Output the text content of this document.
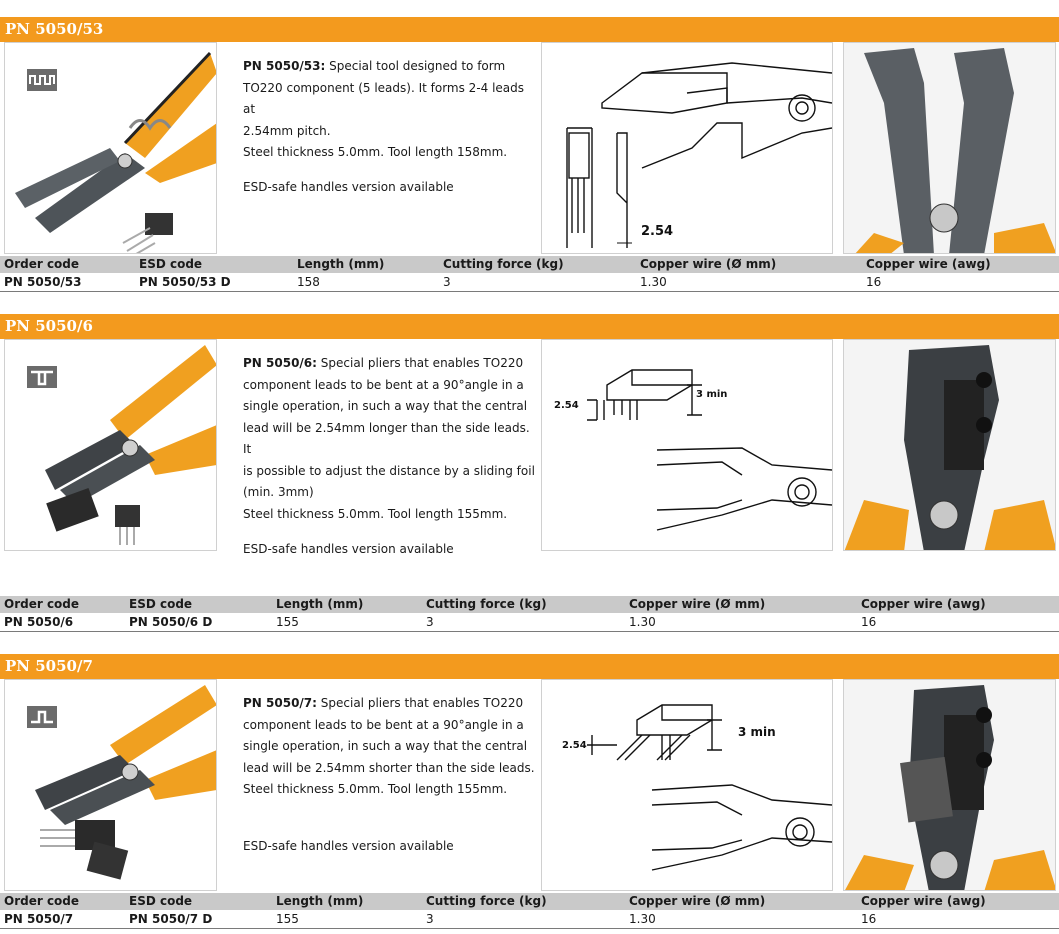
PN 5050/53
PN 5050/53: Special tool designed to form
TO220 component (5 leads). It forms 2-4 leads at
2.54mm pitch.
Steel thickness 5.0mm. Tool length 158mm.
ESD-safe handles version available
2.54
Order code	ESD code	Length (mm)	Cutting force (kg)	Copper wire (Ø mm)	Copper wire (awg)
PN 5050/53	PN 5050/53 D	158	3	1.30	16
PN 5050/6
PN 5050/6: Special pliers that enables TO220
component leads to be bent at a 90°angle in a
single operation, in such a way that the central
lead will be 2.54mm longer than the side leads. It
is possible to adjust the distance by a sliding foil
(min. 3mm)
Steel thickness 5.0mm. Tool length 155mm.
ESD-safe handles version available
2.54
3 min
Order code	ESD code	Length (mm)	Cutting force (kg)	Copper wire (Ø mm)	Copper wire (awg)
PN 5050/6	PN 5050/6 D	155	3	1.30	16
PN 5050/7
PN 5050/7: Special pliers that enables TO220
component leads to be bent at a 90°angle in a
single operation, in such a way that the central
lead will be 2.54mm shorter than the side leads.
Steel thickness 5.0mm. Tool length 155mm.
ESD-safe handles version available
2.54
3 min
Order code	ESD code	Length (mm)	Cutting force (kg)	Copper wire (Ø mm)	Copper wire (awg)
PN 5050/7	PN 5050/7 D	155	3	1.30	16
